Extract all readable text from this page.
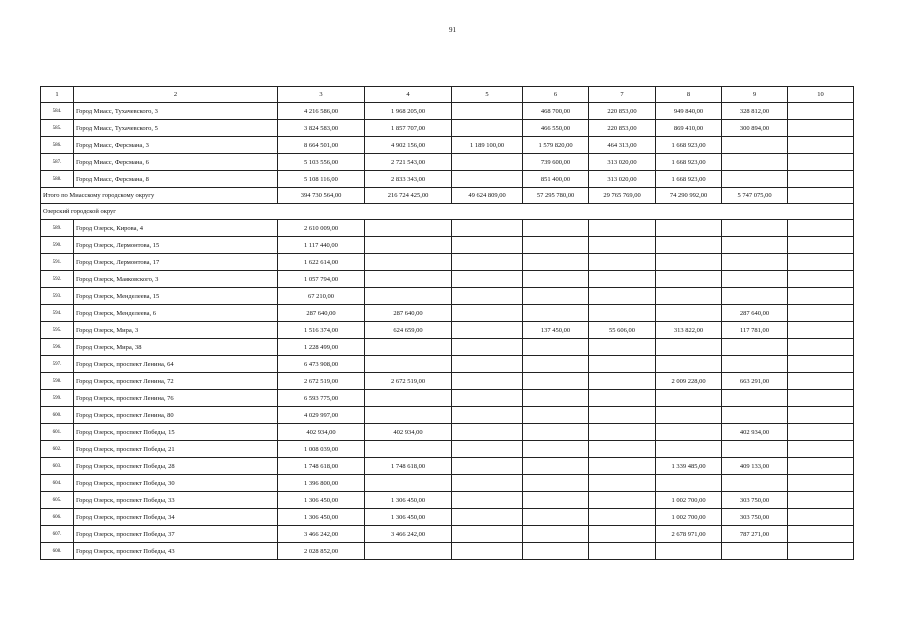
91
1	2	3	4	5	6	7	8	9	10
584.	Город Миасс, Тухачевского, 3	4 216 586,00	1 968 205,00		468 700,00	220 853,00	949 840,00	328 812,00	
585.	Город Миасс, Тухачевского, 5	3 824 583,00	1 857 707,00		466 550,00	220 853,00	869 410,00	300 894,00	
586.	Город Миасс, Ферсмана, 3	8 664 501,00	4 902 156,00	1 189 100,00	1 579 820,00	464 313,00	1 668 923,00		
587.	Город Миасс, Ферсмана, 6	5 103 556,00	2 721 543,00		739 600,00	313 020,00	1 668 923,00		
588.	Город Миасс, Ферсмана, 8	5 108 116,00	2 833 343,00		851 400,00	313 020,00	1 668 923,00		
Итого по Миасскому городскому округу		394 730 564,00	216 724 425,00	49 624 809,00	57 295 780,00	29 765 769,00	74 290 992,00	5 747 075,00	
Озерский городской округ									
589.	Город Озерск, Кирова, 4	2 610 009,00							
590.	Город Озерск, Лермонтова, 15	1 117 440,00							
591.	Город Озерск, Лермонтова, 17	1 622 614,00							
592.	Город Озерск, Маяковского, 3	1 057 794,00							
593.	Город Озерск, Менделеева, 15	67 210,00							
594.	Город Озерск, Менделеева, 6	287 640,00	287 640,00					287 640,00	
595.	Город Озерск, Мира, 3	1 516 374,00	624 659,00		137 450,00	55 606,00	313 822,00	117 781,00	
596.	Город Озерск, Мира, 38	1 228 499,00							
597.	Город Озерск, проспект Ленина, 64	6 473 908,00							
598.	Город Озерск, проспект Ленина, 72	2 672 519,00	2 672 519,00				2 009 228,00	663 291,00	
599.	Город Озерск, проспект Ленина, 76	6 593 775,00							
600.	Город Озерск, проспект Ленина, 80	4 029 997,00							
601.	Город Озерск, проспект Победы, 15	402 934,00	402 934,00					402 934,00	
602.	Город Озерск, проспект Победы, 21	1 008 039,00							
603.	Город Озерск, проспект Победы, 28	1 748 618,00	1 748 618,00				1 339 485,00	409 133,00	
604.	Город Озерск, проспект Победы, 30	1 396 800,00							
605.	Город Озерск, проспект Победы, 33	1 306 450,00	1 306 450,00				1 002 700,00	303 750,00	
606.	Город Озерск, проспект Победы, 34	1 306 450,00	1 306 450,00				1 002 700,00	303 750,00	
607.	Город Озерск, проспект Победы, 37	3 466 242,00	3 466 242,00				2 678 971,00	787 271,00	
608.	Город Озерск, проспект Победы, 43	2 028 852,00							
